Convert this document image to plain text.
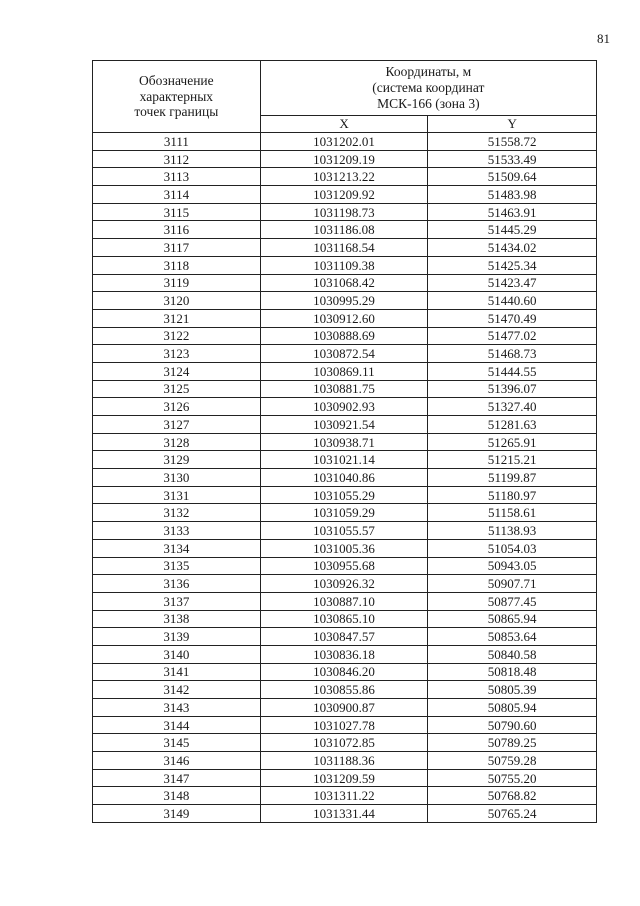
81
Обозначение
характерных
точек границы	Координаты, м
(система координат
МСК-166 (зона 3)	

	X	Y
3111	1031202.01	51558.72
3112	1031209.19	51533.49
3113	1031213.22	51509.64
3114	1031209.92	51483.98
3115	1031198.73	51463.91
3116	1031186.08	51445.29
3117	1031168.54	51434.02
3118	1031109.38	51425.34
3119	1031068.42	51423.47
3120	1030995.29	51440.60
3121	1030912.60	51470.49
3122	1030888.69	51477.02
3123	1030872.54	51468.73
3124	1030869.11	51444.55
3125	1030881.75	51396.07
3126	1030902.93	51327.40
3127	1030921.54	51281.63
3128	1030938.71	51265.91
3129	1031021.14	51215.21
3130	1031040.86	51199.87
3131	1031055.29	51180.97
3132	1031059.29	51158.61
3133	1031055.57	51138.93
3134	1031005.36	51054.03
3135	1030955.68	50943.05
3136	1030926.32	50907.71
3137	1030887.10	50877.45
3138	1030865.10	50865.94
3139	1030847.57	50853.64
3140	1030836.18	50840.58
3141	1030846.20	50818.48
3142	1030855.86	50805.39
3143	1030900.87	50805.94
3144	1031027.78	50790.60
3145	1031072.85	50789.25
3146	1031188.36	50759.28
3147	1031209.59	50755.20
3148	1031311.22	50768.82
3149	1031331.44	50765.24
